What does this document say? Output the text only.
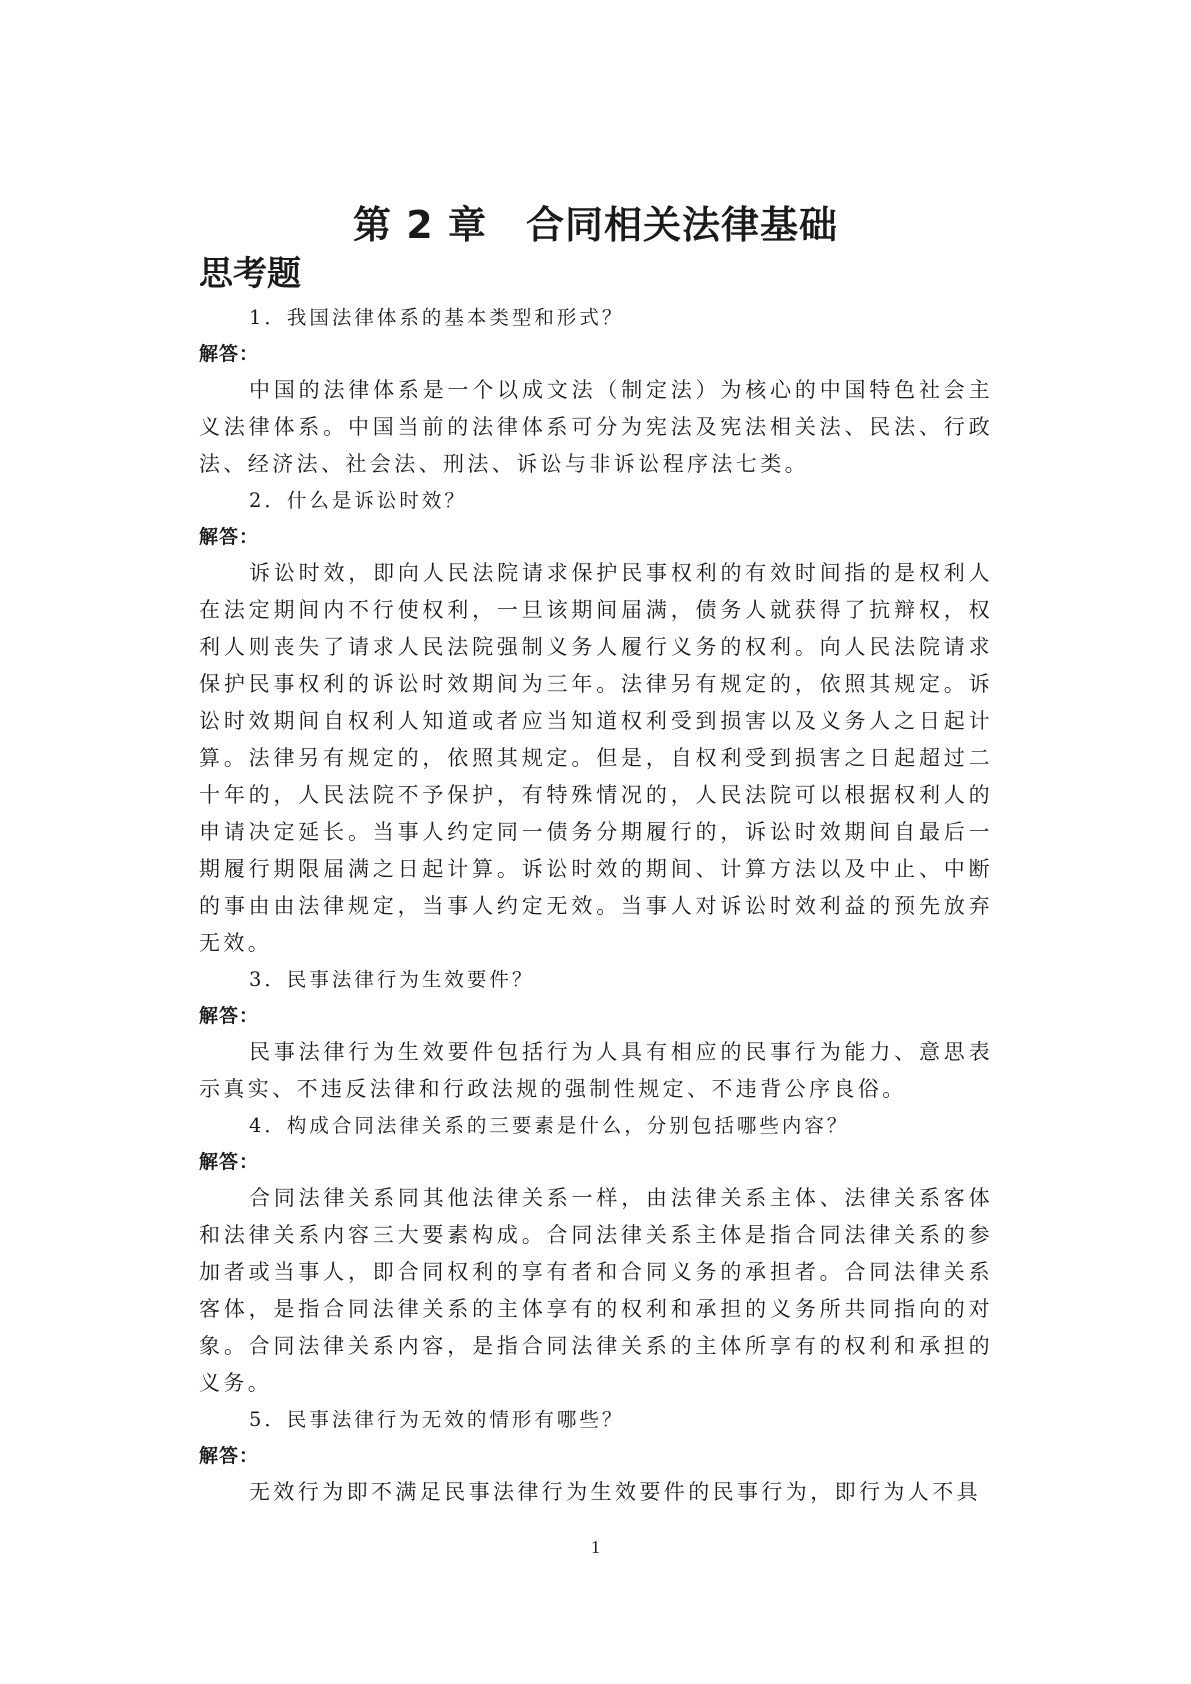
第 2 章　合同相关法律基础
思考题

1．我国法律体系的基本类型和形式？

解答：

中国的法律体系是一个以成文法（制定法）为核心的中国特色社会主义法律体系。中国当前的法律体系可分为宪法及宪法相关法、民法、行政法、经济法、社会法、刑法、诉讼与非诉讼程序法七类。

2．什么是诉讼时效？

解答：

诉讼时效，即向人民法院请求保护民事权利的有效时间指的是权利人在法定期间内不行使权利，一旦该期间届满，债务人就获得了抗辩权，权利人则丧失了请求人民法院强制义务人履行义务的权利。向人民法院请求保护民事权利的诉讼时效期间为三年。法律另有规定的，依照其规定。诉讼时效期间自权利人知道或者应当知道权利受到损害以及义务人之日起计算。法律另有规定的，依照其规定。但是，自权利受到损害之日起超过二十年的，人民法院不予保护，有特殊情况的，人民法院可以根据权利人的申请决定延长。当事人约定同一债务分期履行的，诉讼时效期间自最后一期履行期限届满之日起计算。诉讼时效的期间、计算方法以及中止、中断的事由由法律规定，当事人约定无效。当事人对诉讼时效利益的预先放弃无效。

3．民事法律行为生效要件？

解答：

民事法律行为生效要件包括行为人具有相应的民事行为能力、意思表示真实、不违反法律和行政法规的强制性规定、不违背公序良俗。

4．构成合同法律关系的三要素是什么，分别包括哪些内容？

解答：

合同法律关系同其他法律关系一样，由法律关系主体、法律关系客体和法律关系内容三大要素构成。合同法律关系主体是指合同法律关系的参加者或当事人，即合同权利的享有者和合同义务的承担者。合同法律关系客体，是指合同法律关系的主体享有的权利和承担的义务所共同指向的对象。合同法律关系内容，是指合同法律关系的主体所享有的权利和承担的义务。

5．民事法律行为无效的情形有哪些？

解答：

无效行为即不满足民事法律行为生效要件的民事行为，即行为人不具

1
